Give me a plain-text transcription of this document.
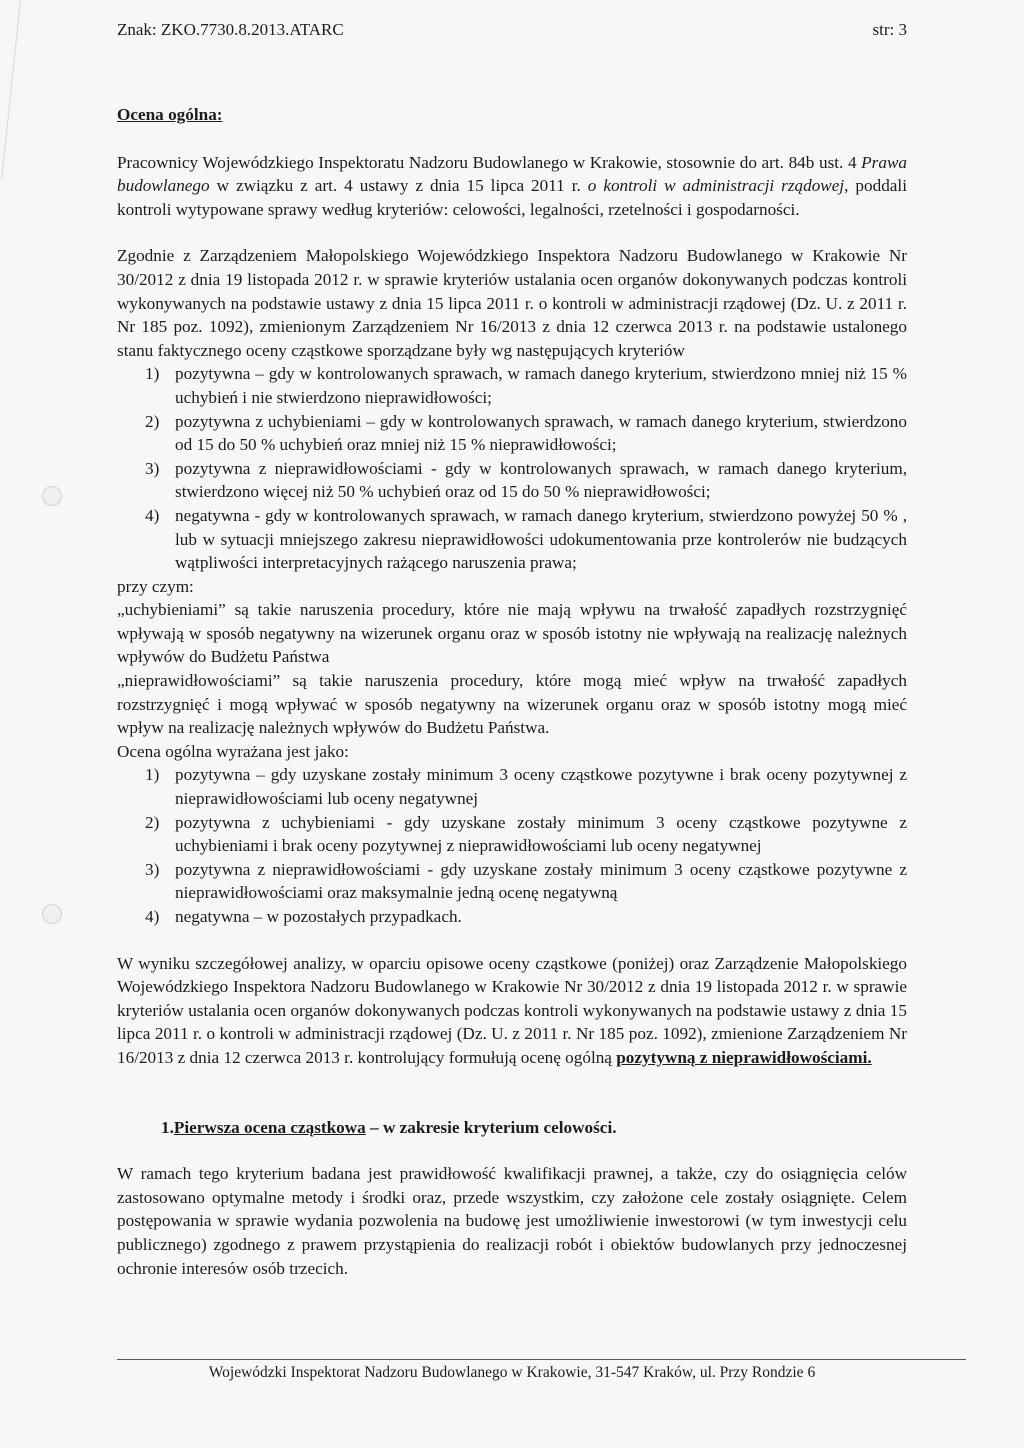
Znak: ZKO.7730.8.2013.ATARC	str: 3

Ocena ogólna:

Pracownicy Wojewódzkiego Inspektoratu Nadzoru Budowlanego w Krakowie, stosownie do art. 84b ust. 4 Prawa budowlanego w związku z art. 4 ustawy z dnia 15 lipca 2011 r. o kontroli w administracji rządowej, poddali kontroli wytypowane sprawy według kryteriów: celowości, legalności, rzetelności i gospodarności.

Zgodnie z Zarządzeniem Małopolskiego Wojewódzkiego Inspektora Nadzoru Budowlanego w Krakowie Nr 30/2012 z dnia 19 listopada 2012 r. w sprawie kryteriów ustalania ocen organów dokonywanych podczas kontroli wykonywanych na podstawie ustawy z dnia 15 lipca 2011 r. o kontroli w administracji rządowej (Dz. U. z 2011 r. Nr 185 poz. 1092), zmienionym Zarządzeniem Nr 16/2013 z dnia 12 czerwca 2013 r. na podstawie ustalonego stanu faktycznego oceny cząstkowe sporządzane były wg następujących kryteriów

1) pozytywna – gdy w kontrolowanych sprawach, w ramach danego kryterium, stwierdzono mniej niż 15 % uchybień i nie stwierdzono nieprawidłowości;
2) pozytywna z uchybieniami – gdy w kontrolowanych sprawach, w ramach danego kryterium, stwierdzono od 15 do 50 % uchybień oraz mniej niż 15 % nieprawidłowości;
3) pozytywna z nieprawidłowościami - gdy w kontrolowanych sprawach, w ramach danego kryterium, stwierdzono więcej niż 50 % uchybień oraz od 15 do 50 % nieprawidłowości;
4) negatywna - gdy w kontrolowanych sprawach, w ramach danego kryterium, stwierdzono powyżej 50 % , lub w sytuacji mniejszego zakresu nieprawidłowości udokumentowania prze kontrolerów nie budzących wątpliwości interpretacyjnych rażącego naruszenia prawa;

przy czym:

„uchybieniami” są takie naruszenia procedury, które nie mają wpływu na trwałość zapadłych rozstrzygnięć wpływają w sposób negatywny na wizerunek organu oraz w sposób istotny nie wpływają na realizację należnych wpływów do Budżetu Państwa

„nieprawidłowościami” są takie naruszenia procedury, które mogą mieć wpływ na trwałość zapadłych rozstrzygnięć i mogą wpływać w sposób negatywny na wizerunek organu oraz w sposób istotny mogą mieć wpływ na realizację należnych wpływów do Budżetu Państwa.

Ocena ogólna wyrażana jest jako:

1) pozytywna – gdy uzyskane zostały minimum 3 oceny cząstkowe pozytywne i brak oceny pozytywnej z nieprawidłowościami lub oceny negatywnej
2) pozytywna z uchybieniami - gdy uzyskane zostały minimum 3 oceny cząstkowe pozytywne z uchybieniami i brak oceny pozytywnej z nieprawidłowościami lub oceny negatywnej
3) pozytywna z nieprawidłowościami - gdy uzyskane zostały minimum 3 oceny cząstkowe pozytywne z nieprawidłowościami oraz maksymalnie jedną ocenę negatywną
4) negatywna – w pozostałych przypadkach.

W wyniku szczegółowej analizy, w oparciu opisowe oceny cząstkowe (poniżej) oraz Zarządzenie Małopolskiego Wojewódzkiego Inspektora Nadzoru Budowlanego w Krakowie Nr 30/2012 z dnia 19 listopada 2012 r. w sprawie kryteriów ustalania ocen organów dokonywanych podczas kontroli wykonywanych na podstawie ustawy z dnia 15 lipca 2011 r. o kontroli w administracji rządowej (Dz. U. z 2011 r. Nr 185 poz. 1092), zmienione Zarządzeniem Nr 16/2013 z dnia 12 czerwca 2013 r. kontrolujący formułują ocenę ogólną pozytywną z nieprawidłowościami.

1.Pierwsza ocena cząstkowa – w zakresie kryterium celowości.

W ramach tego kryterium badana jest prawidłowość kwalifikacji prawnej, a także, czy do osiągnięcia celów zastosowano optymalne metody i środki oraz, przede wszystkim, czy założone cele zostały osiągnięte. Celem postępowania w sprawie wydania pozwolenia na budowę jest umożliwienie inwestorowi (w tym inwestycji celu publicznego) zgodnego z prawem przystąpienia do realizacji robót i obiektów budowlanych przy jednoczesnej ochronie interesów osób trzecich.

Wojewódzki Inspektorat Nadzoru Budowlanego w Krakowie, 31-547 Kraków, ul. Przy Rondzie 6
